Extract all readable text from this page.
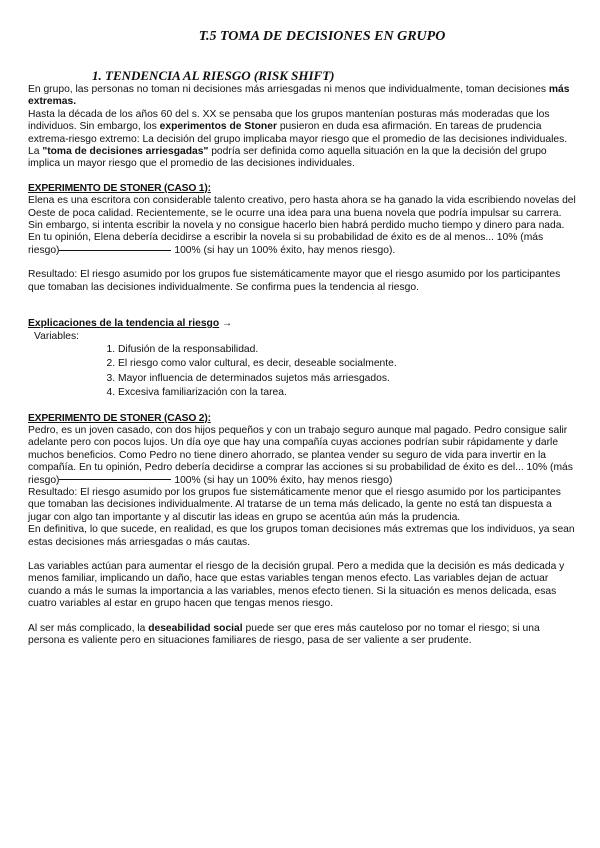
T.5 TOMA DE DECISIONES EN GRUPO
1. TENDENCIA AL RIESGO (RISK SHIFT)

En grupo, las personas no toman ni decisiones más arriesgadas ni menos que individualmente, toman decisiones más extremas.

Hasta la década de los años 60 del s. XX se pensaba que los grupos mantenían posturas más moderadas que los individuos. Sin embargo, los experimentos de Stoner pusieron en duda esa afirmación. En tareas de prudencia extrema-riesgo extremo: La decisión del grupo implicaba mayor riesgo que el promedio de las decisiones individuales.

La "toma de decisiones arriesgadas" podría ser definida como aquella situación en la que la decisión del grupo implica un mayor riesgo que el promedio de las decisiones individuales.

EXPERIMENTO DE STONER (CASO 1):

Elena es una escritora con considerable talento creativo, pero hasta ahora se ha ganado la vida escribiendo novelas del Oeste de poca calidad. Recientemente, se le ocurre una idea para una buena novela que podría impulsar su carrera. Sin embargo, si intenta escribir la novela y no consigue hacerlo bien habrá perdido mucho tiempo y dinero para nada.

En tu opinión, Elena debería decidirse a escribir la novela si su probabilidad de éxito es de al menos... 10% (más riesgo)	100% (si hay un 100% éxito, hay menos riesgo).

Resultado: El riesgo asumido por los grupos fue sistemáticamente mayor que el riesgo asumido por los participantes que tomaban las decisiones individualmente. Se confirma pues la tendencia al riesgo.

Explicaciones de la tendencia al riesgo →

Variables:

1. Difusión de la responsabilidad.
2. El riesgo como valor cultural, es decir, deseable socialmente.
3. Mayor influencia de determinados sujetos más arriesgados.
4. Excesiva familiarización con la tarea.

EXPERIMENTO DE STONER (CASO 2):

Pedro, es un joven casado, con dos hijos pequeños y con un trabajo seguro aunque mal pagado. Pedro consigue salir adelante pero con pocos lujos. Un día oye que hay una compañía cuyas acciones podrían subir rápidamente y darle muchos beneficios. Como Pedro no tiene dinero ahorrado, se plantea vender su seguro de vida para invertir en la compañía. En tu opinión, Pedro debería decidirse a comprar las acciones si su probabilidad de éxito es del... 10% (más riesgo)	100% (si hay un 100% éxito, hay menos riesgo)

Resultado: El riesgo asumido por los grupos fue sistemáticamente menor que el riesgo asumido por los participantes que tomaban las decisiones individualmente. Al tratarse de un tema más delicado, la gente no está tan dispuesta a jugar con algo tan importante y al discutir las ideas en grupo se acentúa aún más la prudencia.

En definitiva, lo que sucede, en realidad, es que los grupos toman decisiones más extremas que los individuos, ya sean estas decisiones más arriesgadas o más cautas.

Las variables actúan para aumentar el riesgo de la decisión grupal. Pero a medida que la decisión es más dedicada y menos familiar, implicando un daño, hace que estas variables tengan menos efecto. Las variables dejan de actuar cuando a más le sumas la importancia a las variables, menos efecto tienen. Si la situación es menos delicada, esas cuatro variables al estar en grupo hacen que tengas menos riesgo.

Al ser más complicado, la deseabilidad social puede ser que eres más cauteloso por no tomar el riesgo; si una persona es valiente pero en situaciones familiares de riesgo, pasa de ser valiente a ser prudente.
